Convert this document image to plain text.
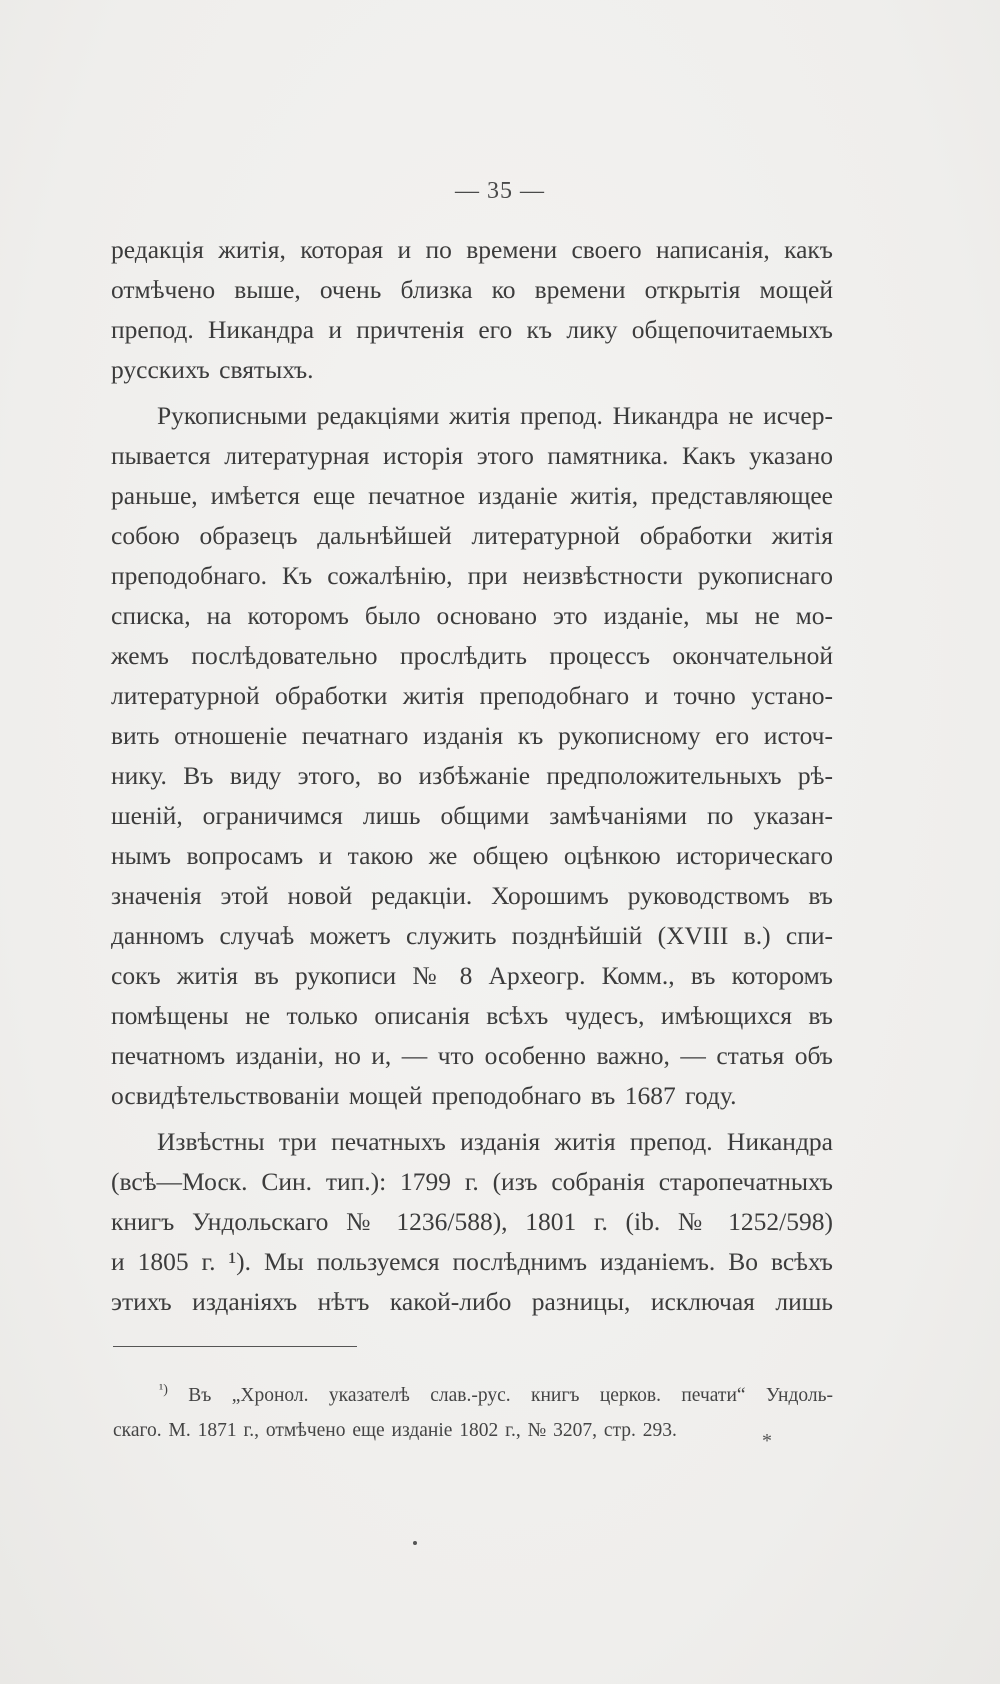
— 35 —
редакція житія, которая и по времени своего написанія, какъ
отмѣчено выше, очень близка ко времени открытія мощей
препод. Никандра и причтенія его къ лику общепочитаемыхъ
русскихъ святыхъ.
Рукописными редакціями житія препод. Никандра не исчер-
пывается литературная исторія этого памятника. Какъ указано
раньше, имѣется еще печатное изданіе житія, представляющее
собою образецъ дальнѣйшей литературной обработки житія
преподобнаго. Къ сожалѣнію, при неизвѣстности рукописнаго
списка, на которомъ было основано это изданіе, мы не мо-
жемъ послѣдовательно прослѣдить процессъ окончательной
литературной обработки житія преподобнаго и точно устано-
вить отношеніе печатнаго изданія къ рукописному его источ-
нику. Въ виду этого, во избѣжаніе предположительныхъ рѣ-
шеній, ограничимся лишь общими замѣчаніями по указан-
нымъ вопросамъ и такою же общею оцѣнкою историческаго
значенія этой новой редакціи. Хорошимъ руководствомъ въ
данномъ случаѣ можетъ служить позднѣйшій (XVIII в.) спи-
сокъ житія въ рукописи № 8 Археогр. Комм., въ которомъ
помѣщены не только описанія всѣхъ чудесъ, имѣющихся въ
печатномъ изданіи, но и, — что особенно важно, — статья объ
освидѣтельствованіи мощей преподобнаго въ 1687 году.
Извѣстны три печатныхъ изданія житія препод. Никандра
(всѣ—Моск. Син. тип.): 1799 г. (изъ собранія старопечатныхъ
книгъ Ундольскаго № 1236/588), 1801 г. (ib. № 1252/598)
и 1805 г. ¹). Мы пользуемся послѣднимъ изданіемъ. Во всѣхъ
этихъ изданіяхъ нѣтъ какой-либо разницы, исключая лишь
$^{^1)}$ Въ „Хронол. указателѣ слав.-рус. книгъ церков. печати“ Ундоль-
скаго. М. 1871 г., отмѣчено еще изданіе 1802 г., № 3207, стр. 293.	*
